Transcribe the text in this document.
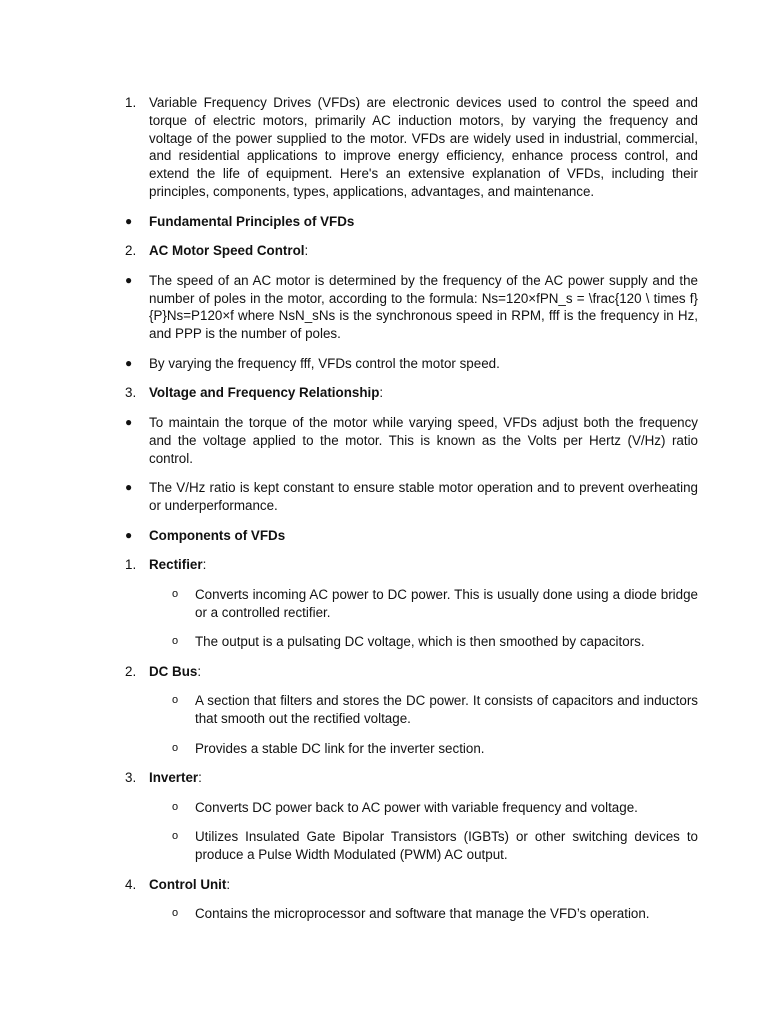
1. Variable Frequency Drives (VFDs) are electronic devices used to control the speed and torque of electric motors, primarily AC induction motors, by varying the frequency and voltage of the power supplied to the motor. VFDs are widely used in industrial, commercial, and residential applications to improve energy efficiency, enhance process control, and extend the life of equipment. Here's an extensive explanation of VFDs, including their principles, components, types, applications, advantages, and maintenance.
● Fundamental Principles of VFDs
2. AC Motor Speed Control:
● The speed of an AC motor is determined by the frequency of the AC power supply and the number of poles in the motor, according to the formula: Ns=120×fPN_s = \frac{120 \ times f}{P}Ns=P120×f where NsN_sNs is the synchronous speed in RPM, fff is the frequency in Hz, and PPP is the number of poles.
● By varying the frequency fff, VFDs control the motor speed.
3. Voltage and Frequency Relationship:
● To maintain the torque of the motor while varying speed, VFDs adjust both the frequency and the voltage applied to the motor. This is known as the Volts per Hertz (V/Hz) ratio control.
● The V/Hz ratio is kept constant to ensure stable motor operation and to prevent overheating or underperformance.
● Components of VFDs
1. Rectifier:
o Converts incoming AC power to DC power. This is usually done using a diode bridge or a controlled rectifier.
o The output is a pulsating DC voltage, which is then smoothed by capacitors.
2. DC Bus:
o A section that filters and stores the DC power. It consists of capacitors and inductors that smooth out the rectified voltage.
o Provides a stable DC link for the inverter section.
3. Inverter:
o Converts DC power back to AC power with variable frequency and voltage.
o Utilizes Insulated Gate Bipolar Transistors (IGBTs) or other switching devices to produce a Pulse Width Modulated (PWM) AC output.
4. Control Unit:
o Contains the microprocessor and software that manage the VFD’s operation.
